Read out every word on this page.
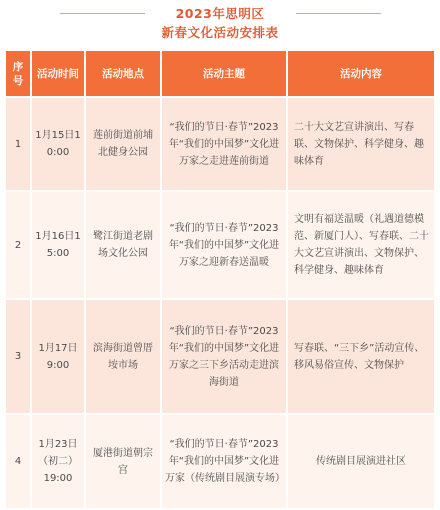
2023年思明区
新春文化活动安排表
序号	活动时间	活动地点	活动主题	活动内容
1	1月15日10:00	莲前街道前埔北健身公园	“我们的节日·春节”2023年“我们的中国梦”文化进万家之走进莲前街道	二十大文艺宣讲演出、写春联、文物保护、科学健身、趣味体育
2	1月16日15:00	鹭江街道老剧场文化公园	“我们的节日·春节”2023年“我们的中国梦”文化进万家之迎新春送温暖	文明有福送温暖（礼遇道德模范、新厦门人）、写春联、二十大文艺宣讲演出、文物保护、科学健身、趣味体育
3	1月17日9:00	滨海街道曾厝垵市场	“我们的节日·春节”2023年“我们的中国梦”文化进万家之三下乡活动走进滨海街道	写春联、“三下乡”活动宣传、移风易俗宣传、文物保护
4	1月23日（初二）19:00	厦港街道朝宗宫	“我们的节日·春节”2023年“我们的中国梦”文化进万家（传统剧目展演专场）	传统剧目展演进社区
